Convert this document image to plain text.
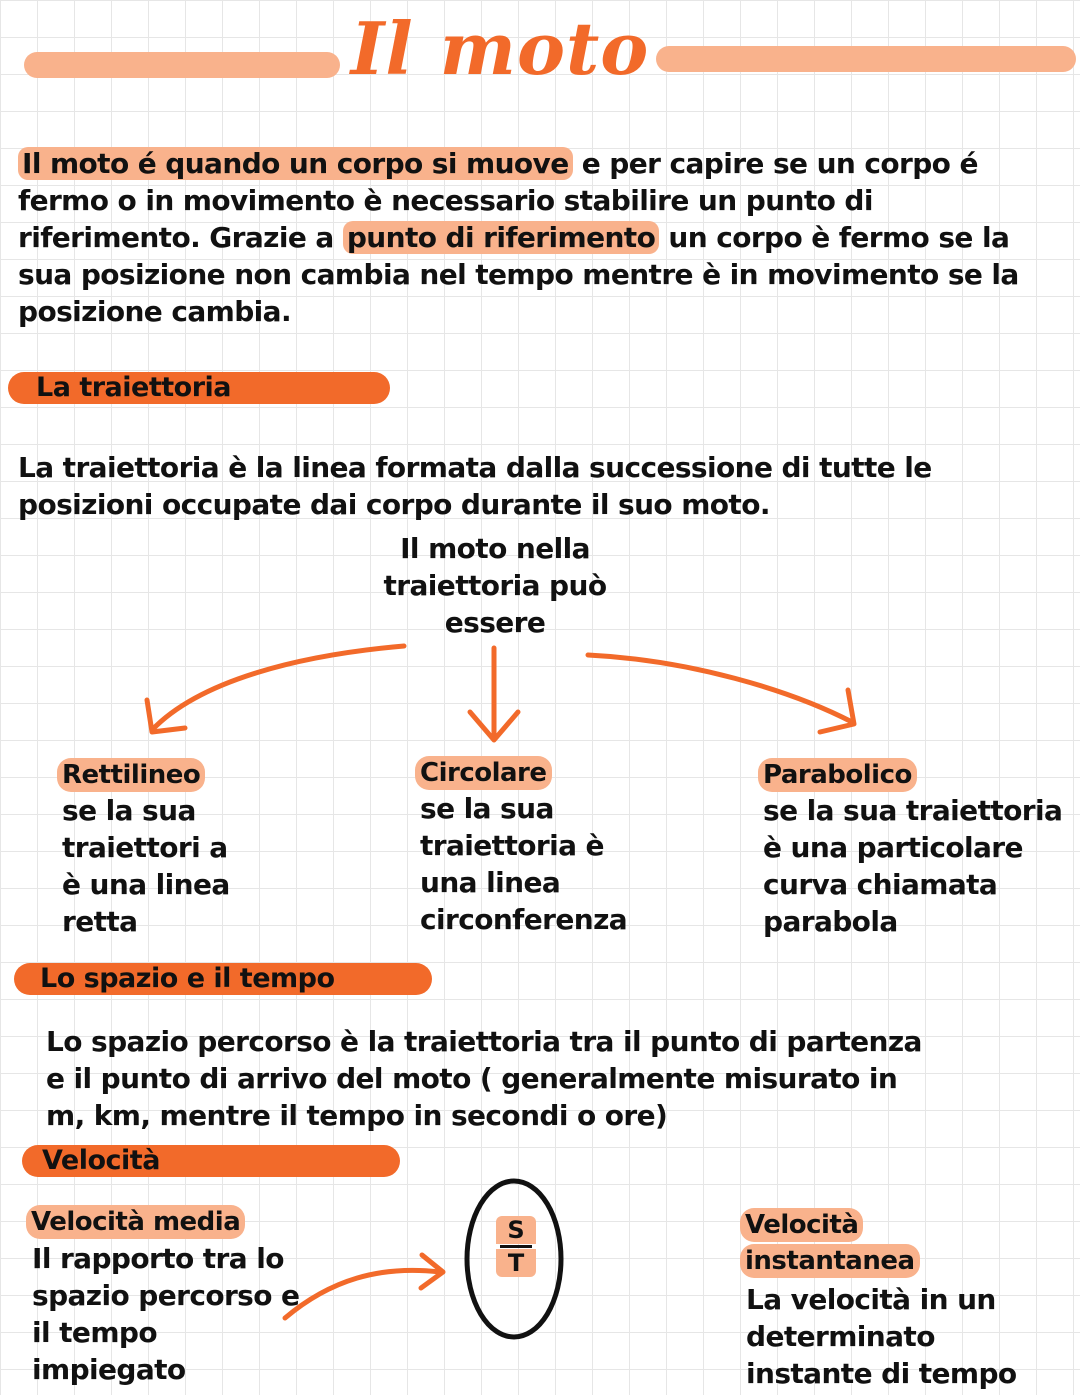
Il moto

Il moto é quando un corpo si muove e per capire se un corpo é fermo o in movimento è necessario stabilire un punto di riferimento. Grazie a punto di riferimento un corpo è fermo se la sua posizione non cambia nel tempo mentre è in movimento se la posizione cambia.

La traiettoria

La traiettoria è la linea formata dalla successione di tutte le posizioni occupate dai corpo durante il suo moto.

Il moto nella traiettoria può essere
Rettilineo

se la sua traiettori a è una linea retta

Circolare

se la sua traiettoria è una linea circonferenza

Parabolico

se la sua traiettoria è una particolare curva chiamata parabola

Lo spazio e il tempo

Lo spazio percorso è la traiettoria tra il punto di partenza e il punto di arrivo del moto ( generalmente misurato in m, km, mentre il tempo in secondi o ore)

Velocità
Velocità media

Il rapporto tra lo spazio percorso e il tempo impiegato

S
T
Velocità
instantanea

La velocità in un determinato instante di tempo
